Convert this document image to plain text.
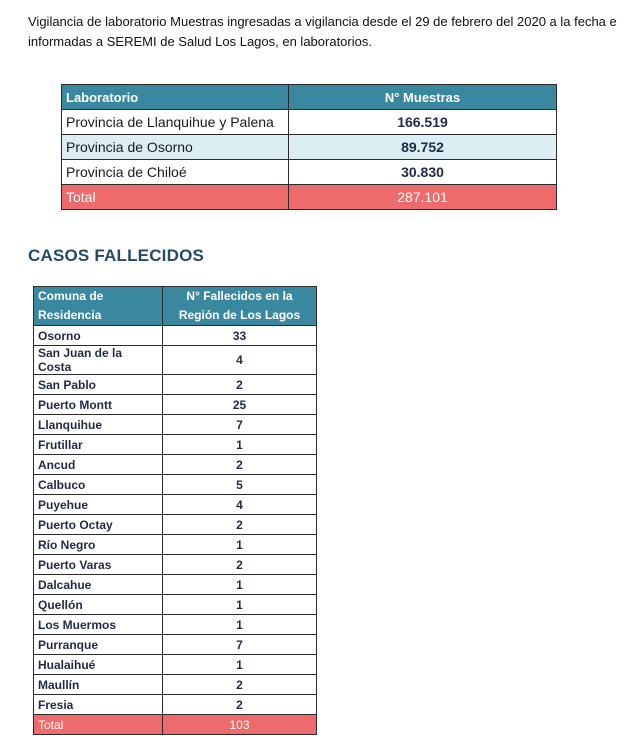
Vigilancia de laboratorio Muestras ingresadas a vigilancia desde el 29 de febrero del 2020 a la fecha e informadas a SEREMI de Salud Los Lagos, en laboratorios.
Laboratorio	N° Muestras
Provincia de Llanquihue y Palena	166.519
Provincia de Osorno	89.752
Provincia de Chiloé	30.830
Total	287.101
CASOS FALLECIDOS
Comuna de Residencia	N° Fallecidos en la Región de Los Lagos
Osorno	33
San Juan de la Costa	4
San Pablo	2
Puerto Montt	25
Llanquihue	7
Frutillar	1
Ancud	2
Calbuco	5
Puyehue	4
Puerto Octay	2
Río Negro	1
Puerto Varas	2
Dalcahue	1
Quellón	1
Los Muermos	1
Purranque	7
Hualaihué	1
Maullín	2
Fresia	2
Total	103
